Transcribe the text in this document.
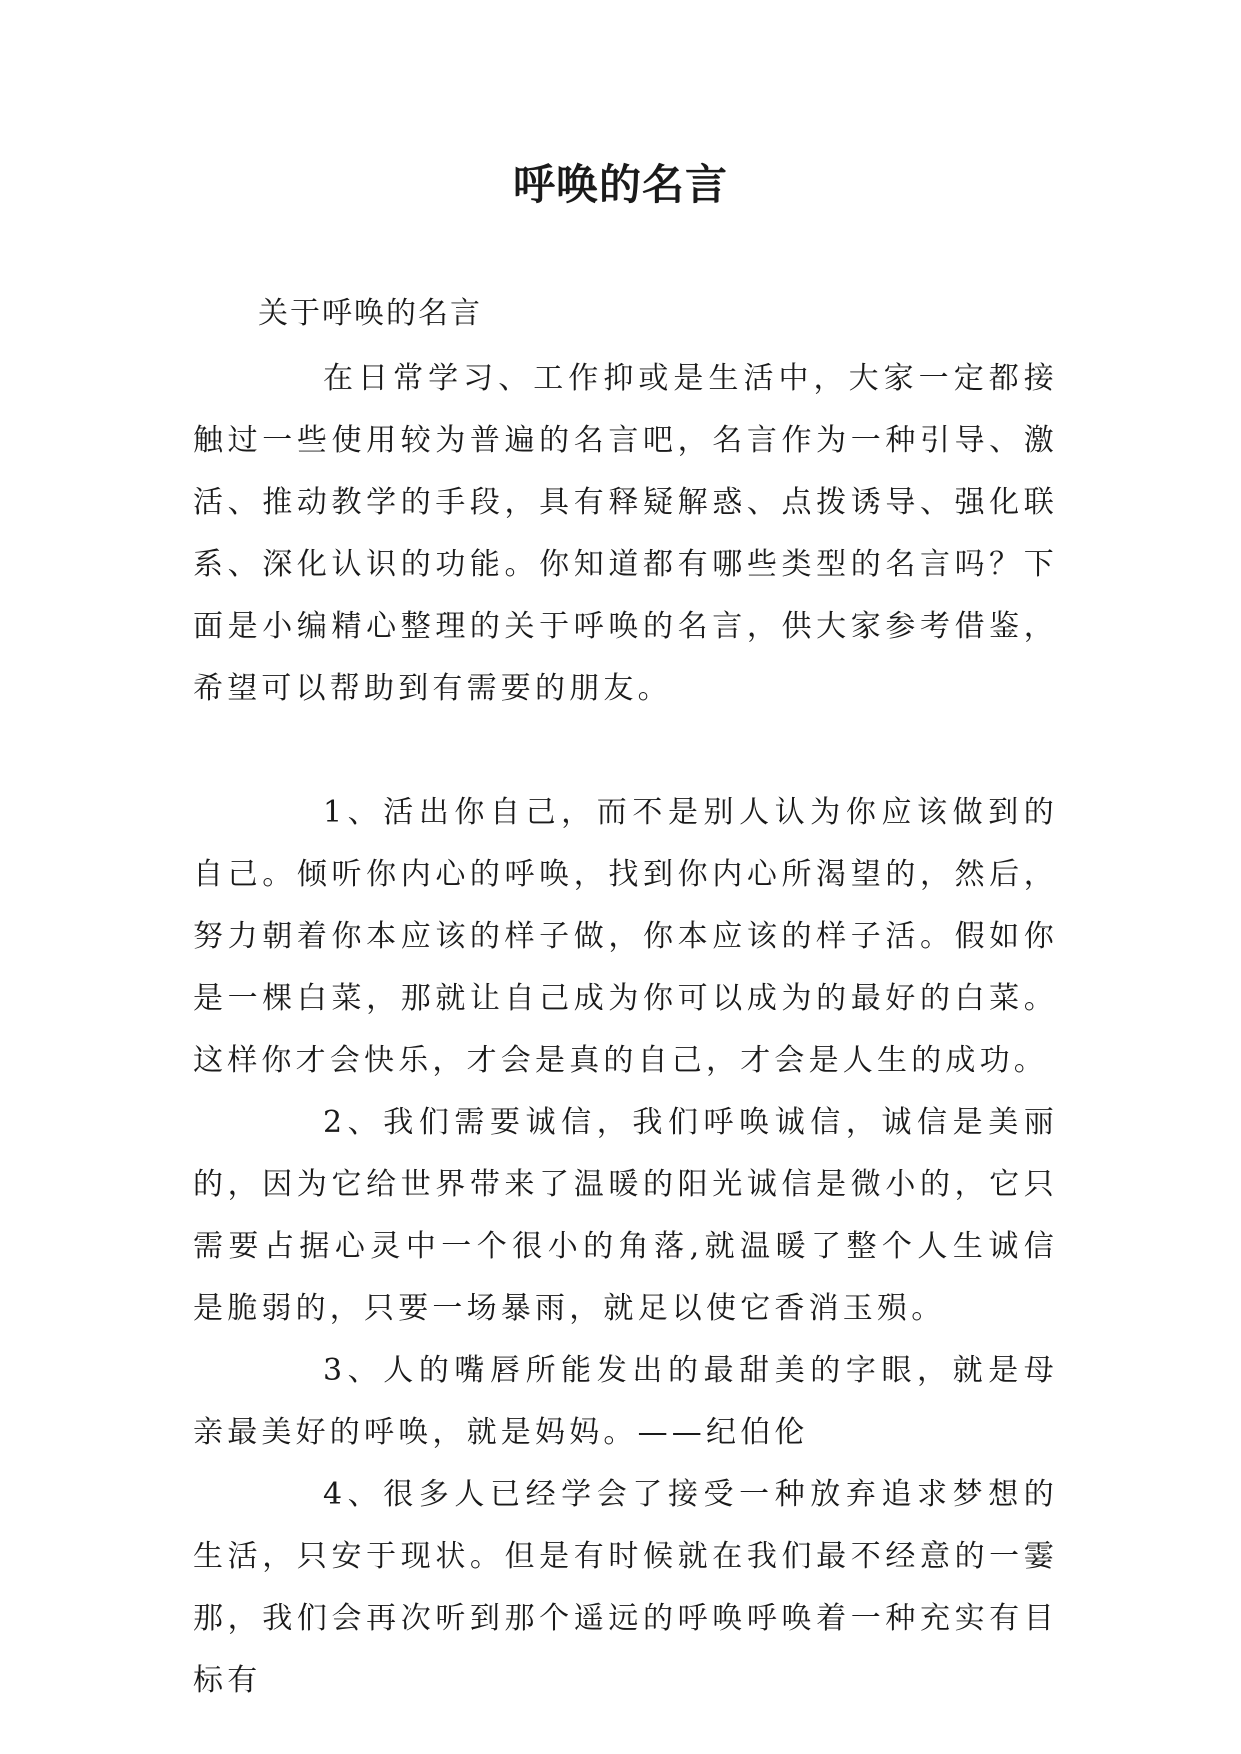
呼唤的名言
关于呼唤的名言

在日常学习、工作抑或是生活中，大家一定都接触过一些使用较为普遍的名言吧，名言作为一种引导、激活、推动教学的手段，具有释疑解惑、点拨诱导、强化联系、深化认识的功能。你知道都有哪些类型的名言吗？下面是小编精心整理的关于呼唤的名言，供大家参考借鉴，希望可以帮助到有需要的朋友。

1、活出你自己，而不是别人认为你应该做到的自己。倾听你内心的呼唤，找到你内心所渴望的，然后，努力朝着你本应该的样子做，你本应该的样子活。假如你是一棵白菜，那就让自己成为你可以成为的最好的白菜。这样你才会快乐，才会是真的自己，才会是人生的成功。

2、我们需要诚信，我们呼唤诚信，诚信是美丽的，因为它给世界带来了温暖的阳光诚信是微小的，它只需要占据心灵中一个很小的角落,就温暖了整个人生诚信是脆弱的，只要一场暴雨，就足以使它香消玉殒。

3、人的嘴唇所能发出的最甜美的字眼，就是母亲最美好的呼唤，就是妈妈。——纪伯伦

4、很多人已经学会了接受一种放弃追求梦想的生活，只安于现状。但是有时候就在我们最不经意的一霎那，我们会再次听到那个遥远的呼唤呼唤着一种充实有目标有
